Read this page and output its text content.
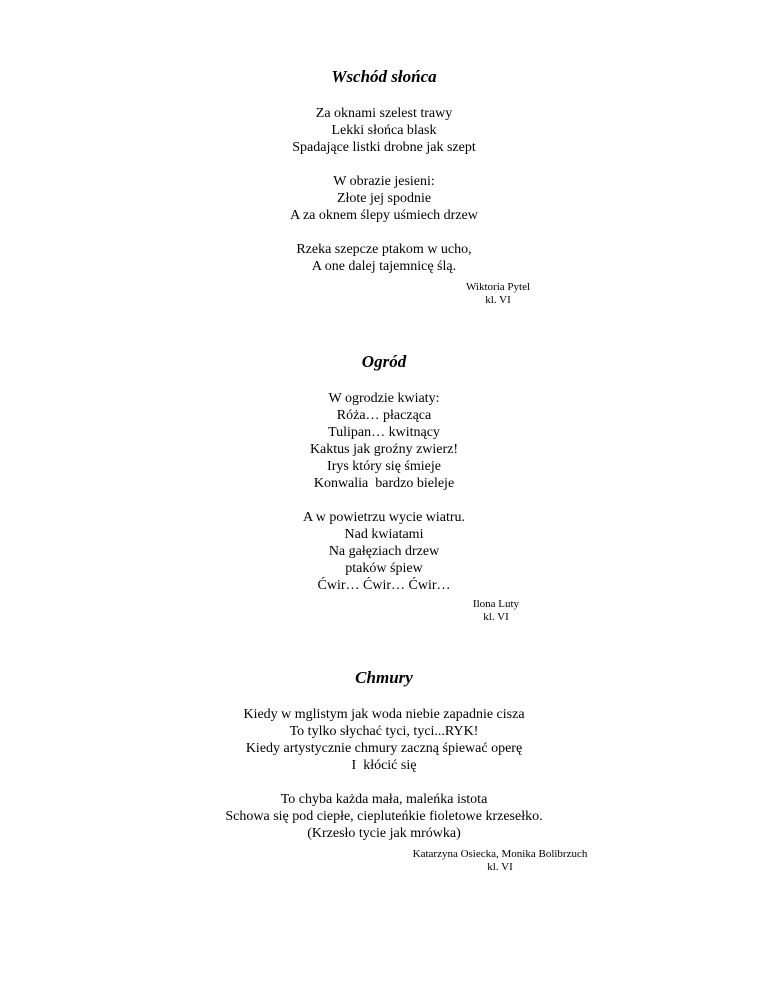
Wschód słońca
Za oknami szelest trawy
Lekki słońca blask
Spadające listki drobne jak szept
W obrazie jesieni:
Złote jej spodnie
A za oknem ślepy uśmiech drzew
Rzeka szepcze ptakom w ucho,
A one dalej tajemnicę ślą.
Wiktoria Pytel
kl. VI
Ogród
W ogrodzie kwiaty:
Róża… płacząca
Tulipan… kwitnący
Kaktus jak groźny zwierz!
Irys który się śmieje
Konwalia  bardzo bieleje
A w powietrzu wycie wiatru.
Nad kwiatami
Na gałęziach drzew
ptaków śpiew
Ćwir… Ćwir… Ćwir…
Ilona Luty
kl. VI
Chmury
Kiedy w mglistym jak woda niebie zapadnie cisza
To tylko słychać tyci, tyci...RYK!
Kiedy artystycznie chmury zaczną śpiewać operę
I  kłócić się
To chyba każda mała, maleńka istota
Schowa się pod ciepłe, ciepluteńkie fioletowe krzesełko.
(Krzesło tycie jak mrówka)
Katarzyna Osiecka, Monika Bolibrzuch
kl. VI
